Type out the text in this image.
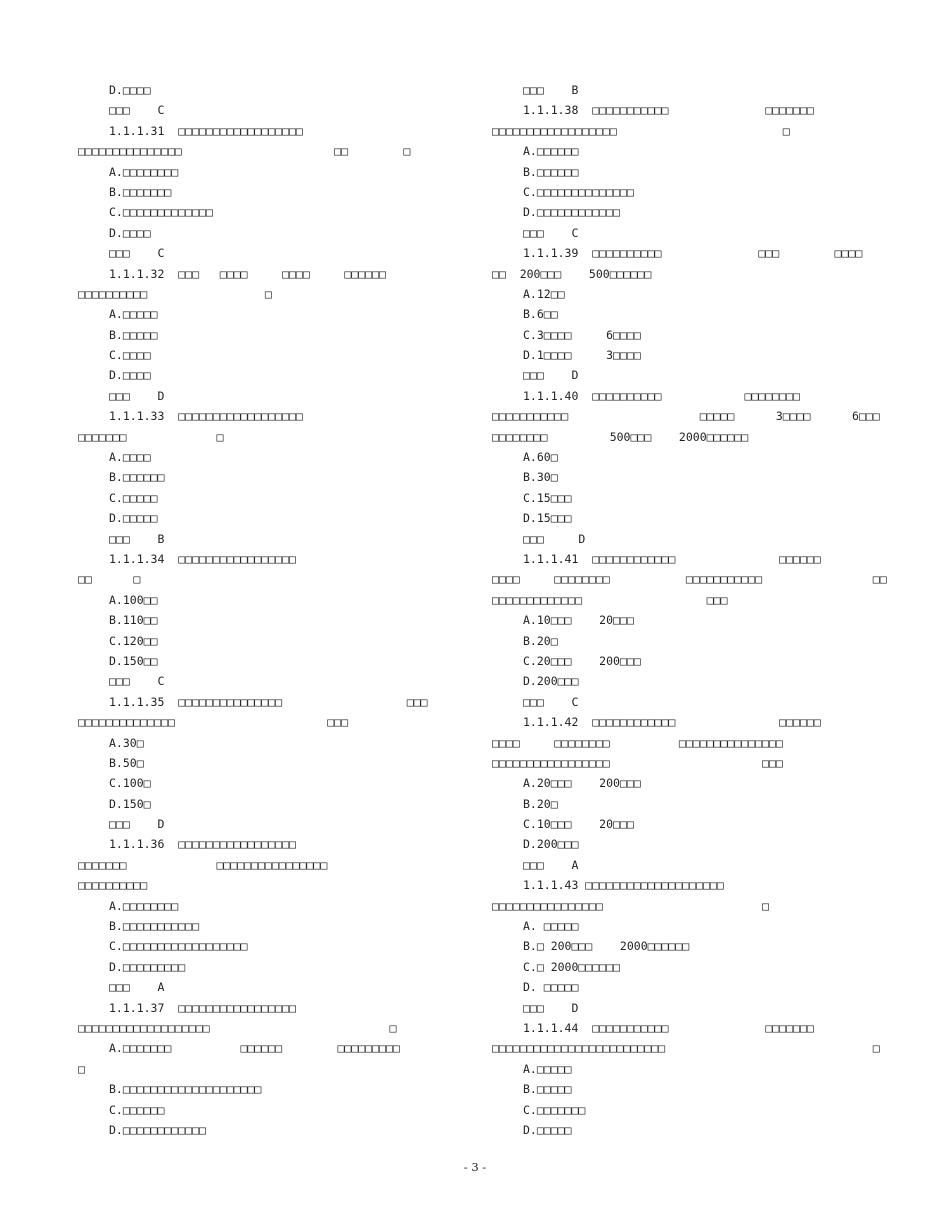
D.□□□□
□□□    C
1.1.1.31  □□□□□□□□□□□□□□□□□□
□□□□□□□□□□□□□□□                      □□        □
A.□□□□□□□□
B.□□□□□□□
C.□□□□□□□□□□□□□
D.□□□□
□□□    C
1.1.1.32  □□□   □□□□     □□□□     □□□□□□
□□□□□□□□□□                 □
A.□□□□□
B.□□□□□
C.□□□□
D.□□□□
□□□    D
1.1.1.33  □□□□□□□□□□□□□□□□□□
□□□□□□□             □
A.□□□□
B.□□□□□□
C.□□□□□
D.□□□□□
□□□    B
1.1.1.34  □□□□□□□□□□□□□□□□□
□□      □
A.100□□
B.110□□
C.120□□
D.150□□
□□□    C
1.1.1.35  □□□□□□□□□□□□□□□                  □□□
□□□□□□□□□□□□□□                      □□□
A.30□
B.50□
C.100□
D.150□
□□□    D
1.1.1.36  □□□□□□□□□□□□□□□□□
□□□□□□□             □□□□□□□□□□□□□□□□
□□□□□□□□□□
A.□□□□□□□□
B.□□□□□□□□□□□
C.□□□□□□□□□□□□□□□□□□
D.□□□□□□□□□
□□□    A
1.1.1.37  □□□□□□□□□□□□□□□□□
□□□□□□□□□□□□□□□□□□□                          □
A.□□□□□□□          □□□□□□        □□□□□□□□□
□
B.□□□□□□□□□□□□□□□□□□□□
C.□□□□□□
D.□□□□□□□□□□□□
□□□    B
1.1.1.38  □□□□□□□□□□□              □□□□□□□
□□□□□□□□□□□□□□□□□□                        □
A.□□□□□□
B.□□□□□□
C.□□□□□□□□□□□□□□
D.□□□□□□□□□□□□
□□□    C
1.1.1.39  □□□□□□□□□□              □□□        □□□□
□□  200□□□    500□□□□□□
A.12□□
B.6□□
C.3□□□□     6□□□□
D.1□□□□     3□□□□
□□□    D
1.1.1.40  □□□□□□□□□□            □□□□□□□□
□□□□□□□□□□□                   □□□□□      3□□□□      6□□□
□□□□□□□□         500□□□    2000□□□□□□
A.60□
B.30□
C.15□□□
D.15□□□
□□□     D
1.1.1.41  □□□□□□□□□□□□               □□□□□□
□□□□     □□□□□□□□           □□□□□□□□□□□                □□
□□□□□□□□□□□□□                  □□□
A.10□□□    20□□□
B.20□
C.20□□□    200□□□
D.200□□□
□□□    C
1.1.1.42  □□□□□□□□□□□□               □□□□□□
□□□□     □□□□□□□□          □□□□□□□□□□□□□□□
□□□□□□□□□□□□□□□□□                      □□□
A.20□□□    200□□□
B.20□
C.10□□□    20□□□
D.200□□□
□□□    A
1.1.1.43 □□□□□□□□□□□□□□□□□□□□
□□□□□□□□□□□□□□□□                       □
A. □□□□□
B.□ 200□□□    2000□□□□□□
C.□ 2000□□□□□□
D. □□□□□
□□□    D
1.1.1.44  □□□□□□□□□□□              □□□□□□□
□□□□□□□□□□□□□□□□□□□□□□□□□                              □
A.□□□□□
B.□□□□□
C.□□□□□□□
D.□□□□□
- 3 -
